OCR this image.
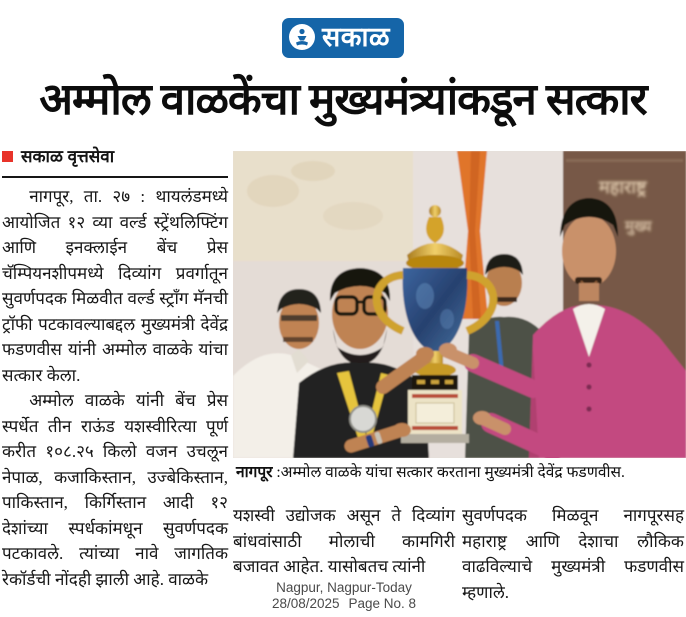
सकाळ
अम्मोल वाळकेंचा मुख्यमंत्र्यांकडून सत्कार
सकाळ वृत्तसेवा

नागपूर, ता. २७ : थायलंडमध्ये आयोजित १२ व्या वर्ल्ड स्ट्रेंथलिफ्टिंग आणि इनक्लाईन बेंच प्रेस चॅम्पियनशीपमध्ये दिव्यांग प्रवर्गातून सुवर्णपदक मिळवीत वर्ल्ड स्ट्राँग मॅनची ट्रॉफी पटकावल्याबद्दल मुख्यमंत्री देवेंद्र फडणवीस यांनी अम्मोल वाळके यांचा सत्कार केला.

अम्मोल वाळके यांनी बेंच प्रेस स्पर्धेत तीन राऊंड यशस्वीरित्या पूर्ण करीत १०८.२५ किलो वजन उचलून नेपाळ, कजाकिस्तान, उज्बेकिस्तान, पाकिस्तान, किर्गिस्तान आदी १२ देशांच्या स्पर्धकांमधून सुवर्णपदक पटकावले. त्यांच्या नावे जागतिक रेकॉर्डची नोंदही झाली आहे. वाळके

महाराष्ट्र
मुख्य
नागपूर :अम्मोल वाळके यांचा सत्कार करताना मुख्यमंत्री देवेंद्र फडणवीस.

यशस्वी उद्योजक असून ते दिव्यांग बांधवांसाठी मोलाची कामगिरी बजावत आहेत. यासोबतच त्यांनी

सुवर्णपदक मिळवून नागपूरसह महाराष्ट्र आणि देशाचा लौकिक वाढविल्याचे मुख्यमंत्री फडणवीस म्हणाले.

Nagpur, Nagpur-Today
28/08/2025 Page No. 8
